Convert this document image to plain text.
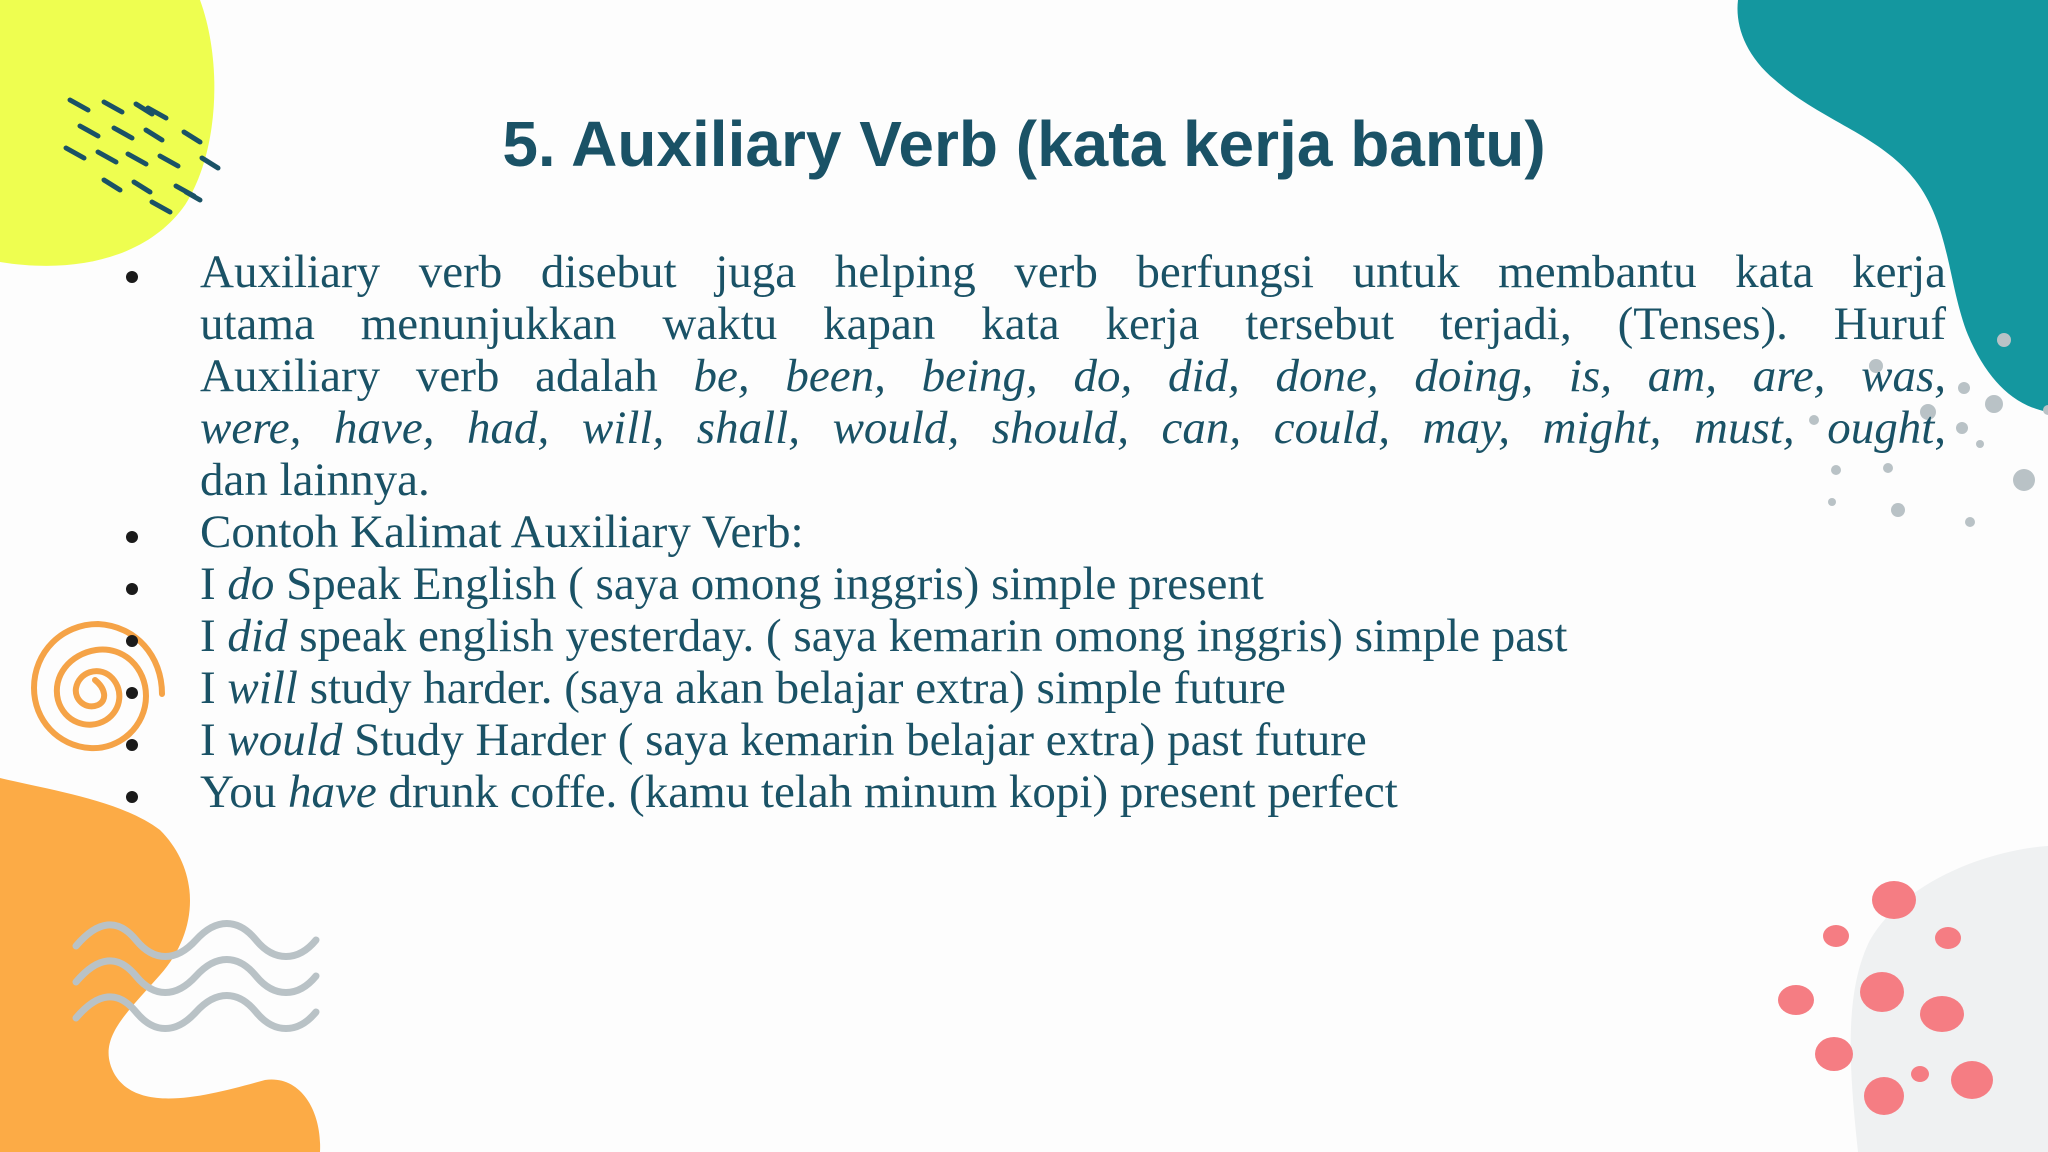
5. Auxiliary Verb (kata kerja bantu)
Auxiliary verb disebut juga helping verb berfungsi untuk membantu kata kerja
utama menunjukkan waktu kapan kata kerja tersebut terjadi, (Tenses). Huruf
Auxiliary verb adalah be, been, being, do, did, done, doing, is, am, are, was,
were, have, had, will, shall, would, should, can, could, may, might, must, ought,
dan lainnya.
Contoh Kalimat Auxiliary Verb:
I do Speak English ( saya omong inggris) simple present
I did speak english yesterday. ( saya kemarin omong inggris) simple past
I will study harder. (saya akan belajar extra) simple future
I would Study Harder ( saya kemarin belajar extra) past future
You have drunk coffe. (kamu telah minum kopi) present perfect
